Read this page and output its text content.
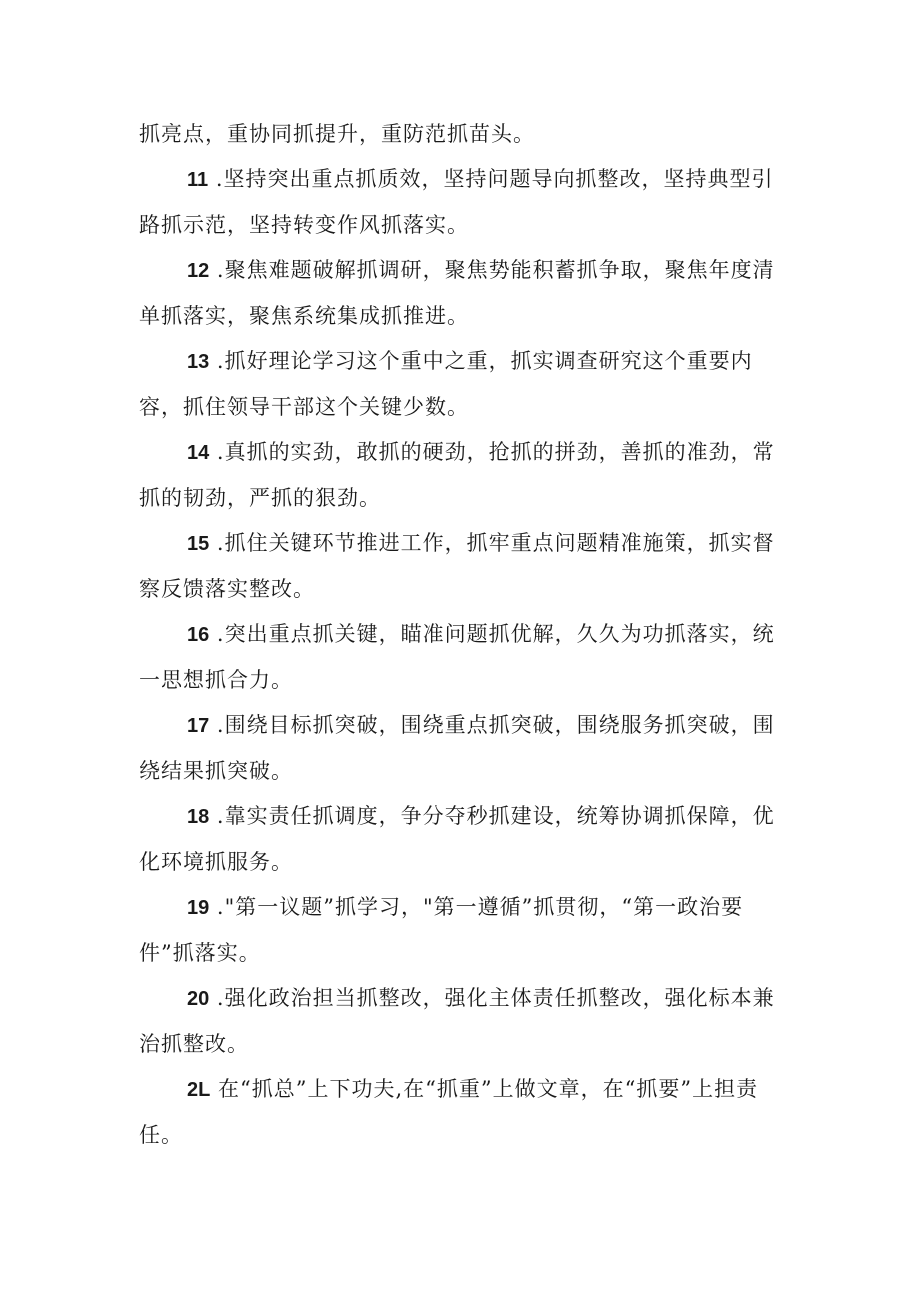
抓亮点，重协同抓提升，重防范抓苗头。

11 .坚持突出重点抓质效，坚持问题导向抓整改，坚持典型引路抓示范，坚持转变作风抓落实。

12 .聚焦难题破解抓调研，聚焦势能积蓄抓争取，聚焦年度清单抓落实，聚焦系统集成抓推进。

13 .抓好理论学习这个重中之重，抓实调查研究这个重要内容，抓住领导干部这个关键少数。

14 .真抓的实劲，敢抓的硬劲，抢抓的拼劲，善抓的准劲，常抓的韧劲，严抓的狠劲。

15 .抓住关键环节推进工作，抓牢重点问题精准施策，抓实督察反馈落实整改。

16 .突出重点抓关键，瞄准问题抓优解，久久为功抓落实，统一思想抓合力。

17 .围绕目标抓突破，围绕重点抓突破，围绕服务抓突破，围绕结果抓突破。

18 .靠实责任抓调度，争分夺秒抓建设，统筹协调抓保障，优化环境抓服务。

19 ."第一议题”抓学习，"第一遵循”抓贯彻，“第一政治要件”抓落实。

20 .强化政治担当抓整改，强化主体责任抓整改，强化标本兼治抓整改。

2L 在“抓总”上下功夫,在“抓重”上做文章，在“抓要”上担责任。
